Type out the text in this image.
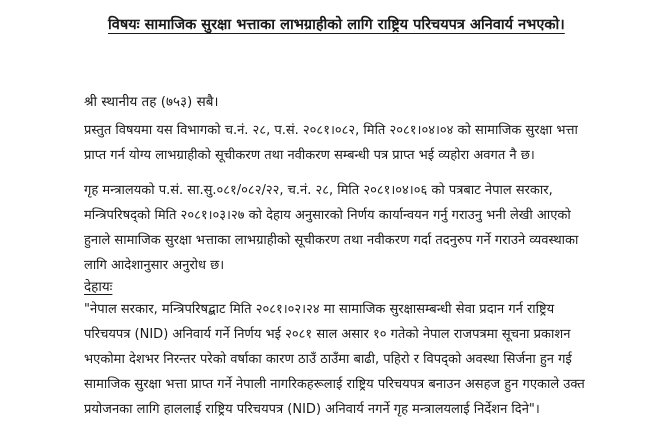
विषयः सामाजिक सुरक्षा भत्ताका लाभग्राहीको लागि राष्ट्रिय परिचयपत्र अनिवार्य नभएको।
श्री स्थानीय तह (७५३) सबै।
प्रस्तुत विषयमा यस विभागको च.नं. २८, प.सं. २०८१।०८२, मिति २०८१।०४।०४ को सामाजिक सुरक्षा भत्ता
प्राप्त गर्न योग्य लाभग्राहीको सूचीकरण तथा नवीकरण सम्बन्धी पत्र प्राप्त भई व्यहोरा अवगत नै छ।
गृह मन्त्रालयको प.सं. सा.सु.०८१/०८२/२२, च.नं. २८, मिति २०८१।०४।०६ को पत्रबाट नेपाल सरकार,
मन्त्रिपरिषद्को मिति २०८१।०३।२७ को देहाय अनुसारको निर्णय कार्यान्वयन गर्नु गराउनु भनी लेखी आएको
हुनाले सामाजिक सुरक्षा भत्ताका लाभग्राहीको सूचीकरण तथा नवीकरण गर्दा तदनुरुप गर्ने गराउने व्यवस्थाका
लागि आदेशानुसार अनुरोध छ।
देहायः
"नेपाल सरकार, मन्त्रिपरिषद्बाट मिति २०८१।०२।२४ मा सामाजिक सुरक्षासम्बन्धी सेवा प्रदान गर्न राष्ट्रिय
परिचयपत्र (NID) अनिवार्य गर्ने निर्णय भई २०८१ साल असार १० गतेको नेपाल राजपत्रमा सूचना प्रकाशन
भएकोमा देशभर निरन्तर परेको वर्षाका कारण ठाउँ ठाउँमा बाढी, पहिरो र विपद्को अवस्था सिर्जना हुन गई
सामाजिक सुरक्षा भत्ता प्राप्त गर्ने नेपाली नागरिकहरूलाई राष्ट्रिय परिचयपत्र बनाउन असहज हुन गएकाले उक्त
प्रयोजनका लागि हाललाई राष्ट्रिय परिचयपत्र (NID) अनिवार्य नगर्ने गृह मन्त्रालयलाई निर्देशन दिने"।
